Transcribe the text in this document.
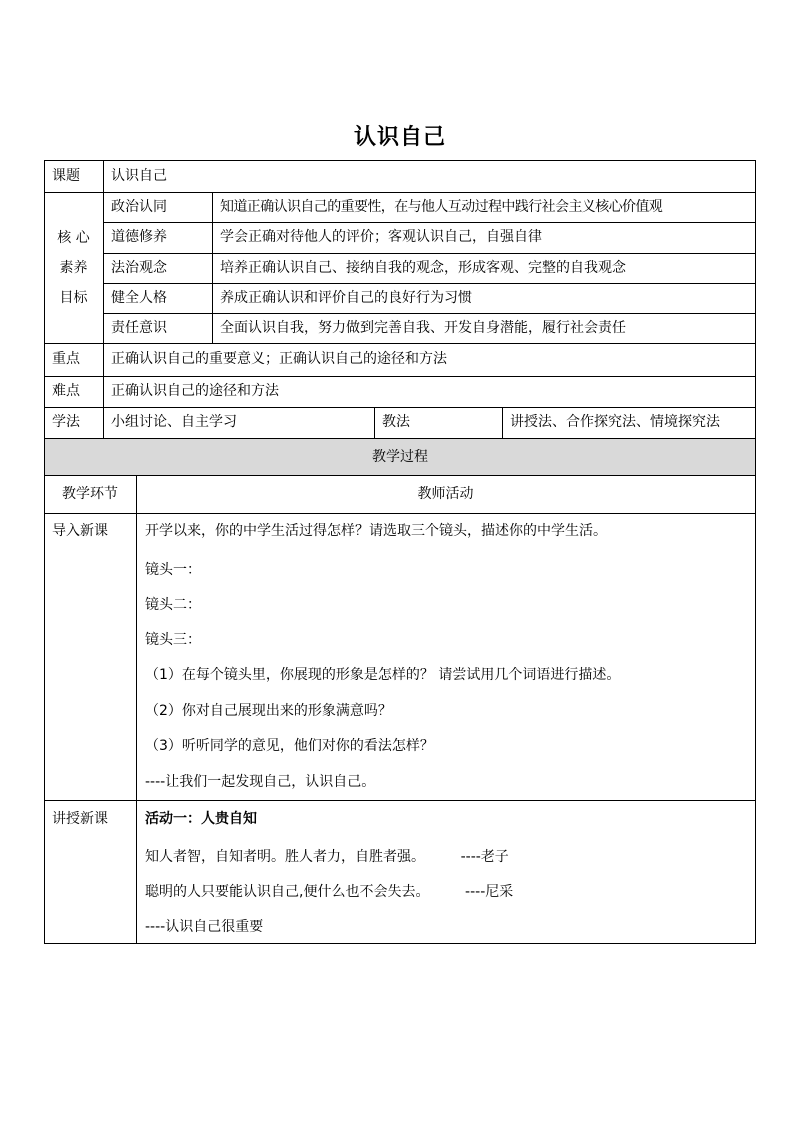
认识自己
课题	认识自己
核 心
素养
目标
政治认同	知道正确认识自己的重要性，在与他人互动过程中践行社会主义核心价值观
道德修养	学会正确对待他人的评价；客观认识自己，自强自律
法治观念	培养正确认识自己、接纳自我的观念，形成客观、完整的自我观念
健全人格	养成正确认识和评价自己的良好行为习惯
责任意识	全面认识自我，努力做到完善自我、开发自身潜能，履行社会责任
重点	正确认识自己的重要意义；正确认识自己的途径和方法
难点	正确认识自己的途径和方法
学法	小组讨论、自主学习	教法	讲授法、合作探究法、情境探究法
教学过程
教学环节	教师活动
导入新课	开学以来，你的中学生活过得怎样？请选取三个镜头，描述你的中学生活。
镜头一：
镜头二：
镜头三：
（1）在每个镜头里，你展现的形象是怎样的？ 请尝试用几个词语进行描述。
（2）你对自己展现出来的形象满意吗？
（3）听听同学的意见，他们对你的看法怎样？
----让我们一起发现自己，认识自己。
讲授新课	活动一：人贵自知
知人者智，自知者明。胜人者力，自胜者强。        ----老子
聪明的人只要能认识自己,便什么也不会失去。        ----尼采
----认识自己很重要
